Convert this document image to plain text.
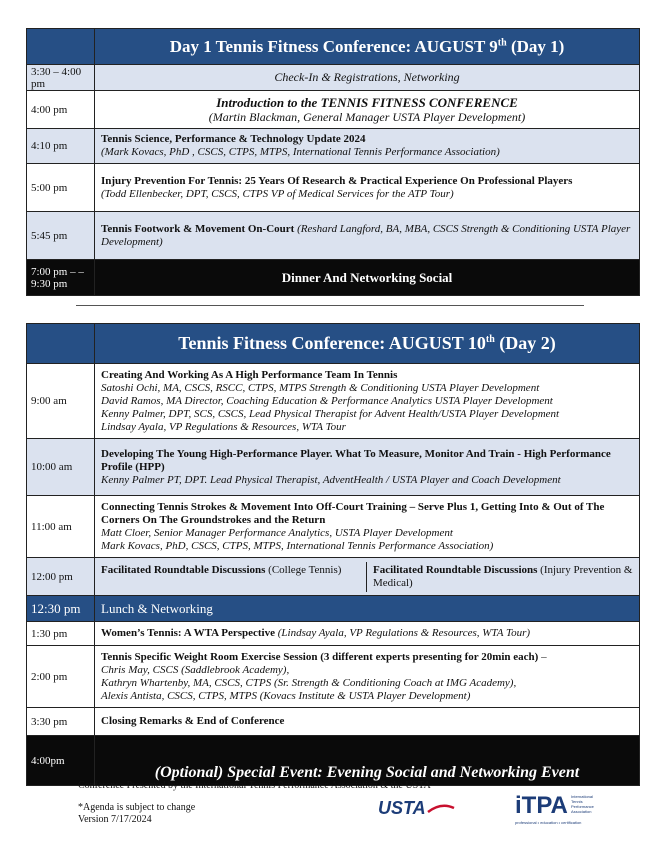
	Day 1 Tennis Fitness Conference: AUGUST 9th (Day 1)
3:30 – 4:00 pm	Check-In & Registrations, Networking
4:00 pm	Introduction to the TENNIS FITNESS CONFERENCE
(Martin Blackman, General Manager USTA Player Development)

4:10 pm	Tennis Science, Performance & Technology Update 2024
(Mark Kovacs, PhD , CSCS, CTPS, MTPS, International Tennis Performance Association)

5:00 pm	Injury Prevention For Tennis: 25 Years Of Research & Practical Experience On Professional Players
(Todd Ellenbecker, DPT, CSCS, CTPS VP of Medical Services for the ATP Tour)

5:45 pm	Tennis Footwork & Movement On-Court (Reshard Langford, BA, MBA, CSCS Strength & Conditioning USTA Player Development)
7:00 pm – – 9:30 pm	Dinner And Networking Social
	Tennis Fitness Conference: AUGUST 10th (Day 2)
9:00 am	Creating And Working As A High Performance Team In Tennis
Satoshi Ochi, MA, CSCS, RSCC, CTPS, MTPS Strength & Conditioning USTA Player Development
David Ramos, MA Director, Coaching Education & Performance Analytics USTA Player Development
Kenny Palmer, DPT, SCS, CSCS, Lead Physical Therapist for Advent Health/USTA Player Development
Lindsay Ayala, VP Regulations & Resources, WTA Tour

10:00 am	Developing The Young High-Performance Player. What To Measure, Monitor And Train - High Performance Profile (HPP)
Kenny Palmer PT, DPT. Lead Physical Therapist, AdventHealth / USTA Player and Coach Development

11:00 am	Connecting Tennis Strokes & Movement Into Off-Court Training – Serve Plus 1, Getting Into & Out of The Corners On The Groundstrokes and the Return
Matt Cloer, Senior Manager Performance Analytics, USTA Player Development
Mark Kovacs, PhD, CSCS, CTPS, MTPS, International Tennis Performance Association)

12:00 pm	Facilitated Roundtable Discussions (College Tennis) Facilitated Roundtable Discussions (Injury Prevention & Medical)

12:30 pm	Lunch & Networking
1:30 pm	Women’s Tennis: A WTA Perspective (Lindsay Ayala, VP Regulations & Resources, WTA Tour)
2:00 pm	Tennis Specific Weight Room Exercise Session (3 different experts presenting for 20min each) –
Chris May, CSCS (Saddlebrook Academy),
Kathryn Whartenby, MA, CSCS, CTPS (Sr. Strength & Conditioning Coach at IMG Academy),
Alexis Antista, CSCS, CTPS, MTPS (Kovacs Institute & USTA Player Development)

3:30 pm	Closing Remarks & End of Conference
4:00pm	(Optional) Special Event: Evening Social and Networking Event
Conference Presented by the International Tennis Performance Association & the USTA
*Agenda is subject to change
Version 7/17/2024
USTA	iTPA International Tennis Performance Association
professional • education • certification
